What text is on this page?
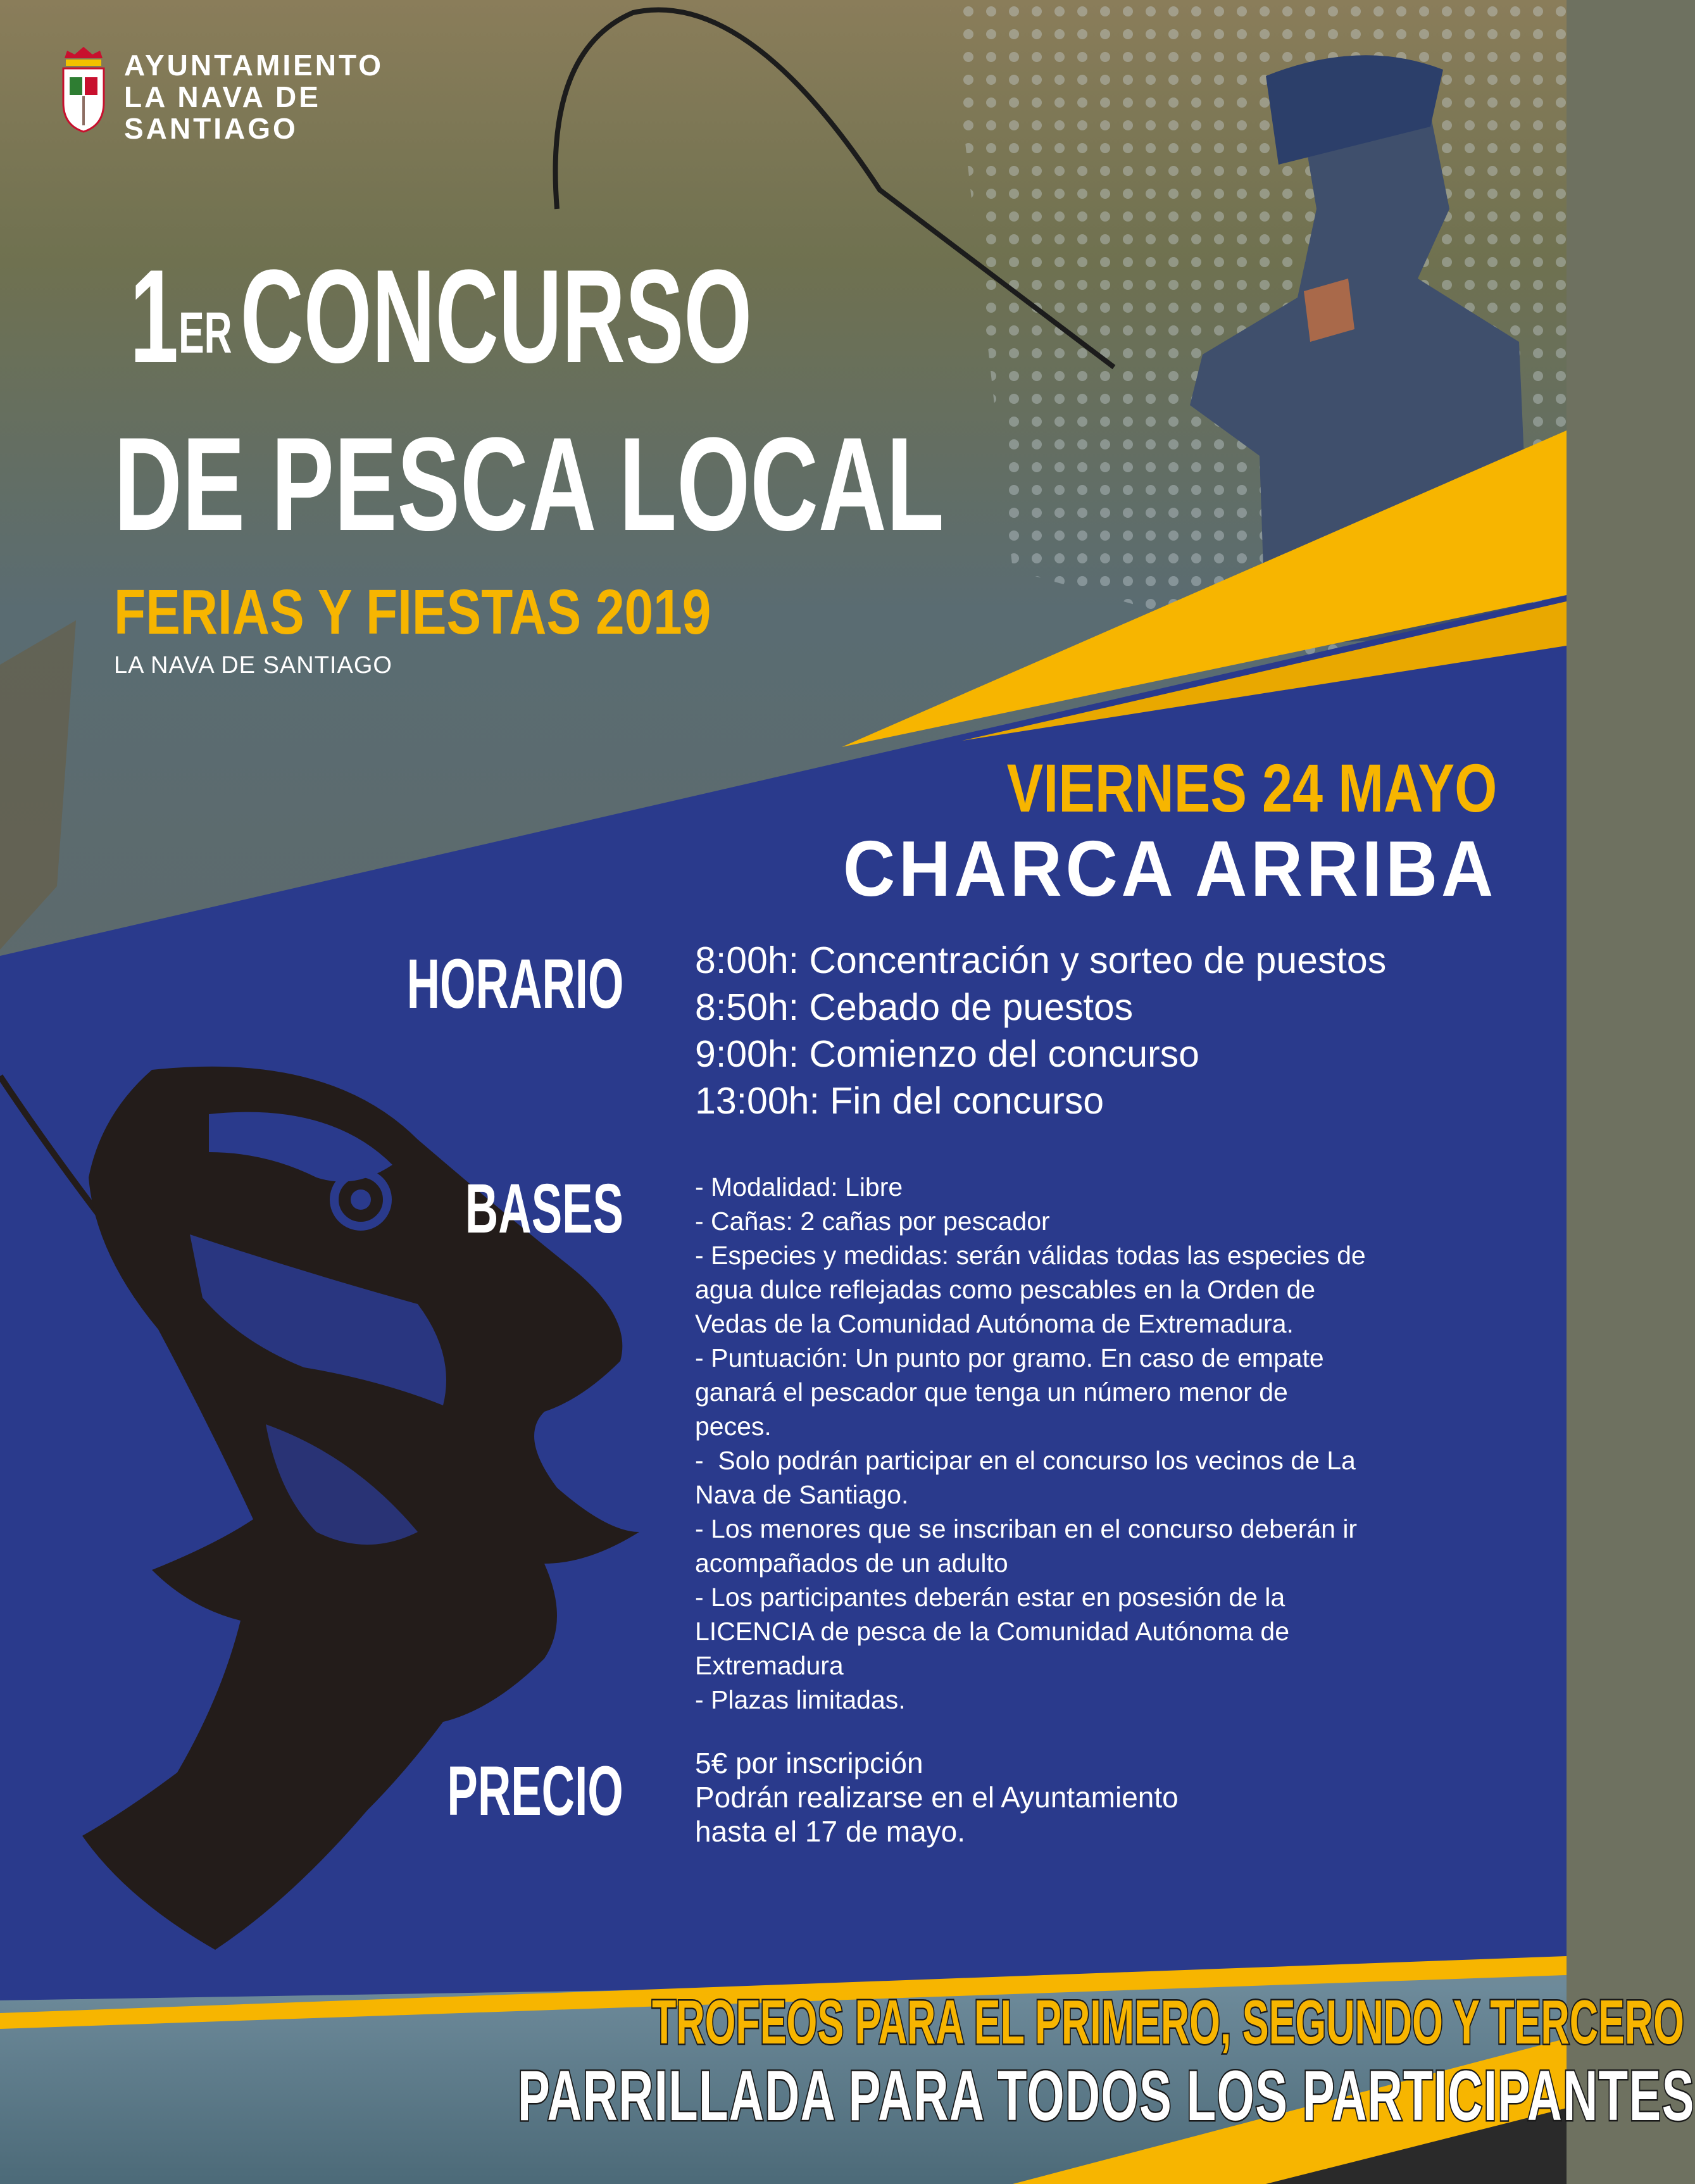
AYUNTAMIENTO
LA NAVA DE
SANTIAGO
1ERCONCURSO
DE PESCA LOCAL
FERIAS Y FIESTAS 2019
LA NAVA DE SANTIAGO
VIERNES 24 MAYO
CHARCA ARRIBA
HORARIO 8:00h: Concentración y sorteo de puestos
8:50h: Cebado de puestos
9:00h: Comienzo del concurso
13:00h: Fin del concurso
BASES	- Modalidad: Libre
- Cañas: 2 cañas por pescador
- Especies y medidas: serán válidas todas las especies de
agua dulce reflejadas como pescables en la Orden de
Vedas de la Comunidad Autónoma de Extremadura.
- Puntuación: Un punto por gramo. En caso de empate
ganará el pescador que tenga un número menor de
peces.
-  Solo podrán participar en el concurso los vecinos de La
Nava de Santiago.
- Los menores que se inscriban en el concurso deberán ir
acompañados de un adulto
- Los participantes deberán estar en posesión de la
LICENCIA de pesca de la Comunidad Autónoma de
Extremadura
- Plazas limitadas.
PRECIO 5€ por inscripción
Podrán realizarse en el Ayuntamiento
hasta el 17 de mayo.
TROFEOS PARA EL PRIMERO, SEGUNDO Y TERCERO
PARRILLADA PARA TODOS LOS PARTICIPANTES
